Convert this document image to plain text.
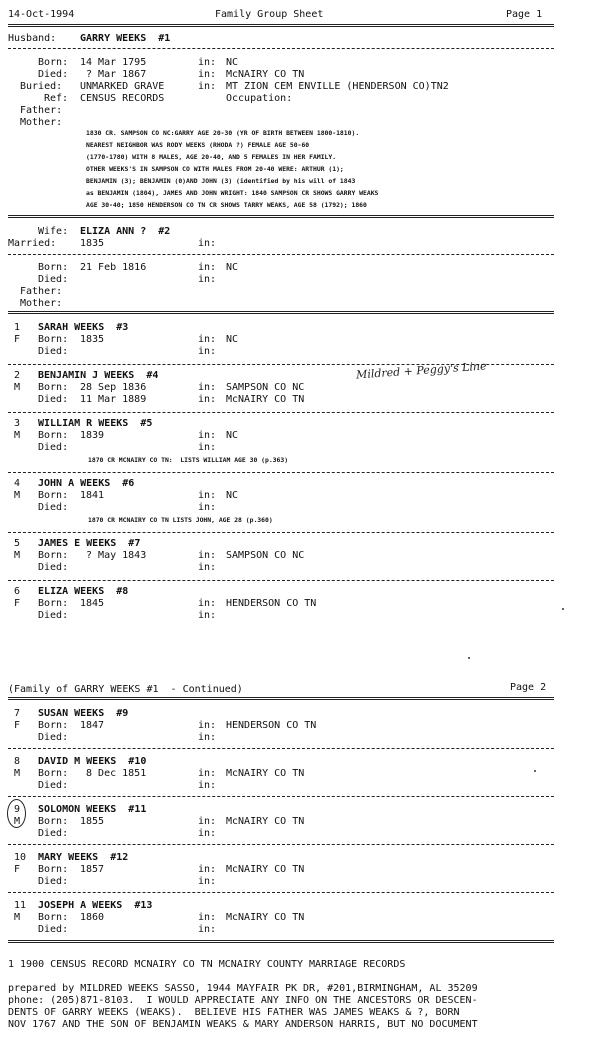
14-Oct-1994	Family Group Sheet	Page 1
Husband: GARRY WEEKS  #1
Born: 14 Mar 1795	in: NC
Died: ? Mar 1867	in: McNAIRY CO TN
Buried: UNMARKED GRAVE	in: MT ZION CEM ENVILLE (HENDERSON CO)TN2
Ref: CENSUS RECORDS	Occupation:
Father:
Mother:
1830 CR. SAMPSON CO NC:GARRY AGE 20-30 (YR OF BIRTH BETWEEN 1800-1810).
NEAREST NEIGHBOR WAS RODY WEEKS (RHODA ?) FEMALE AGE 50-60
(1770-1780) WITH 8 MALES, AGE 20-40, AND 5 FEMALES IN HER FAMILY.
OTHER WEEKS'S IN SAMPSON CO WITH MALES FROM 20-40 WERE: ARTHUR (1);
BENJAMIN (3); BENJAMIN (0)AND JOHN (3) (identified by his will of 1843
as BENJAMIN (1804), JAMES AND JOHN WRIGHT: 1840 SAMPSON CR SHOWS GARRY WEAKS
AGE 30-40; 1850 HENDERSON CO TN CR SHOWS TARRY WEAKS, AGE 58 (1792); 1860
Wife: ELIZA ANN ?  #2
Married: 1835	in:
Born: 21 Feb 1816	in: NC
Died:	in:
Father:
Mother:
1 SARAH WEEKS  #3
F Born: 1835	in: NC
Died:	in:
2 BENJAMIN J WEEKS  #4
M Born: 28 Sep 1836	in: SAMPSON CO NC
Died: 11 Mar 1889	in: McNAIRY CO TN
3 WILLIAM R WEEKS  #5
M Born: 1839	in: NC
Died:	in:
1870 CR MCNAIRY CO TN:  LISTS WILLIAM AGE 30 (p.363)
4 JOHN A WEEKS  #6
M Born: 1841	in: NC
Died:	in:
1870 CR MCNAIRY CO TN LISTS JOHN, AGE 28 (p.360)
5 JAMES E WEEKS  #7
M Born: ? May 1843	in: SAMPSON CO NC
Died:	in:
6 ELIZA WEEKS  #8
F Born: 1845	in: HENDERSON CO TN
Died:	in:
Mildred + Peggy's Line
(Family of GARRY WEEKS #1  - Continued)	Page 2
7 SUSAN WEEKS  #9
F Born: 1847	in: HENDERSON CO TN
Died:	in:
8 DAVID M WEEKS  #10
M Born: 8 Dec 1851	in: McNAIRY CO TN
Died:	in:
9 SOLOMON WEEKS  #11
M Born: 1855	in: McNAIRY CO TN
Died:	in:
10 MARY WEEKS  #12
F Born: 1857	in: McNAIRY CO TN
Died:	in:
11 JOSEPH A WEEKS  #13
M Born: 1860	in: McNAIRY CO TN
Died:	in:
1 1900 CENSUS RECORD MCNAIRY CO TN MCNAIRY COUNTY MARRIAGE RECORDS
prepared by MILDRED WEEKS SASSO, 1944 MAYFAIR PK DR, #201,BIRMINGHAM, AL 35209
phone: (205)871-8103.  I WOULD APPRECIATE ANY INFO ON THE ANCESTORS OR DESCEN-
DENTS OF GARRY WEEKS (WEAKS).  BELIEVE HIS FATHER WAS JAMES WEAKS & ?, BORN
NOV 1767 AND THE SON OF BENJAMIN WEAKS & MARY ANDERSON HARRIS, BUT NO DOCUMENT
